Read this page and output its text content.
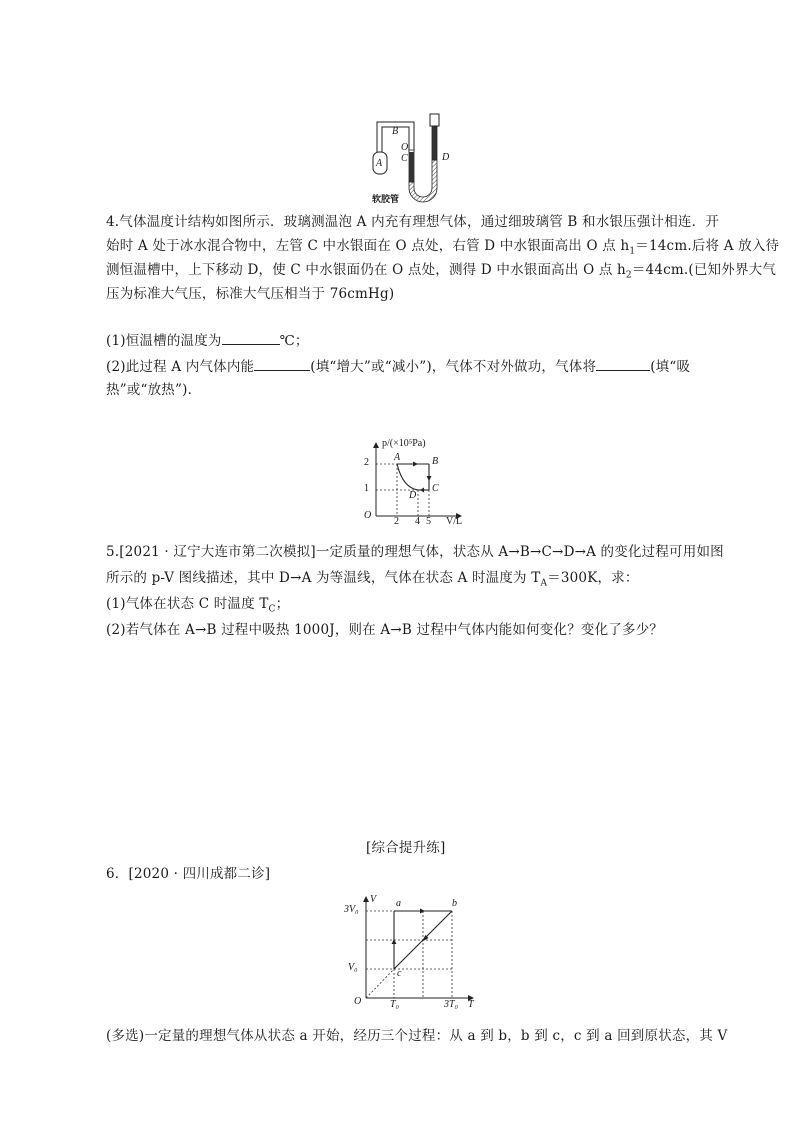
A
B
O
C	D
软胶管
4.气体温度计结构如图所示．玻璃测温泡 A 内充有理想气体，通过细玻璃管 B 和水银压强计相连．开
始时 A 处于冰水混合物中，左管 C 中水银面在 O 点处，右管 D 中水银面高出 O 点 $h_1=14cm$.后将 A 放入待
测恒温槽中，上下移动 D，使 C 中水银面仍在 O 点处，测得 D 中水银面高出 O 点 $h_2=44cm$.(已知外界大气
压为标准大气压，标准大气压相当于 76cmHg)
(1)恒温槽的温度为	℃；
(2)此过程 A 内气体内能	(填“增大”或“减小”)，气体不对外做功，气体将	(填“吸
热”或“放热”)．
p/(×10⁵Pa)
2
1
O
2 4 5 V/L
A	B
C
D
5.[2021 · 辽宁大连市第二次模拟]一定质量的理想气体，状态从 A→B→C→D→A 的变化过程可用如图
所示的 p-V 图线描述，其中 D→A 为等温线，气体在状态 A 时温度为 $T_A=300K$，求：
(1)气体在状态 C 时温度 $T_C$；
(2)若气体在 A→B 过程中吸热 1000J，则在 A→B 过程中气体内能如何变化？变化了多少？
[综合提升练]
6．[2020 · 四川成都二诊]
V
3V₀
V₀
O	T₀	3T₀ T
a	b
c
(多选)一定量的理想气体从状态 a 开始，经历三个过程：从 a 到 b，b 到 c，c 到 a 回到原状态，其 V
